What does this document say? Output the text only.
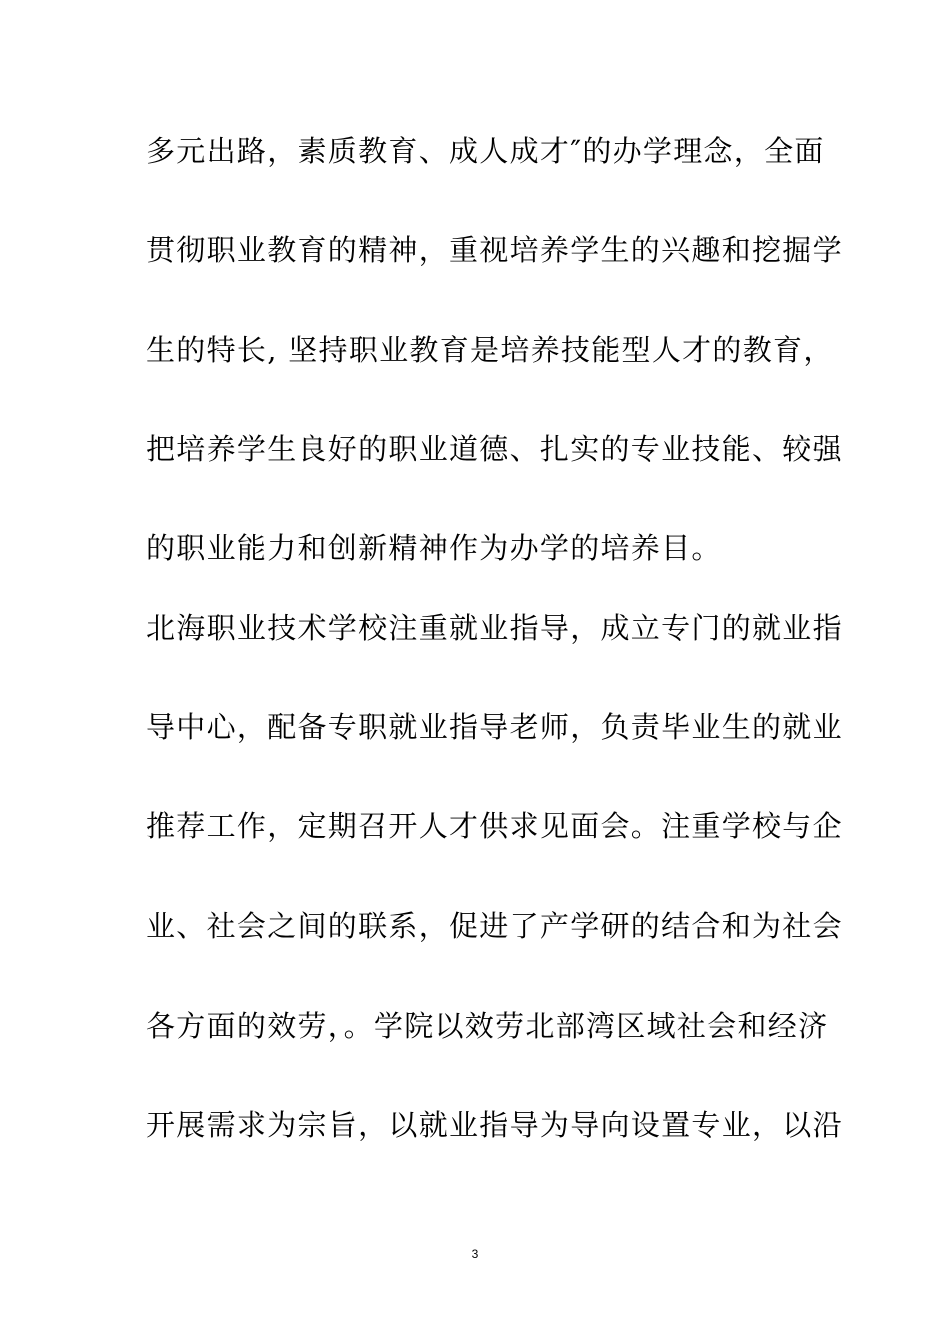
多元出路，素质教育、成人成才″的办学理念，全面
贯彻职业教育的精神，重视培养学生的兴趣和挖掘学
生的特长, 坚持职业教育是培养技能型人才的教育，
把培养学生良好的职业道德、扎实的专业技能、较强
的职业能力和创新精神作为办学的培养目。
北海职业技术学校注重就业指导，成立专门的就业指
导中心，配备专职就业指导老师，负责毕业生的就业
推荐工作，定期召开人才供求见面会。注重学校与企
业、社会之间的联系，促进了产学研的结合和为社会
各方面的效劳，。学院以效劳北部湾区域社会和经济
开展需求为宗旨，以就业指导为导向设置专业，以沿
3
